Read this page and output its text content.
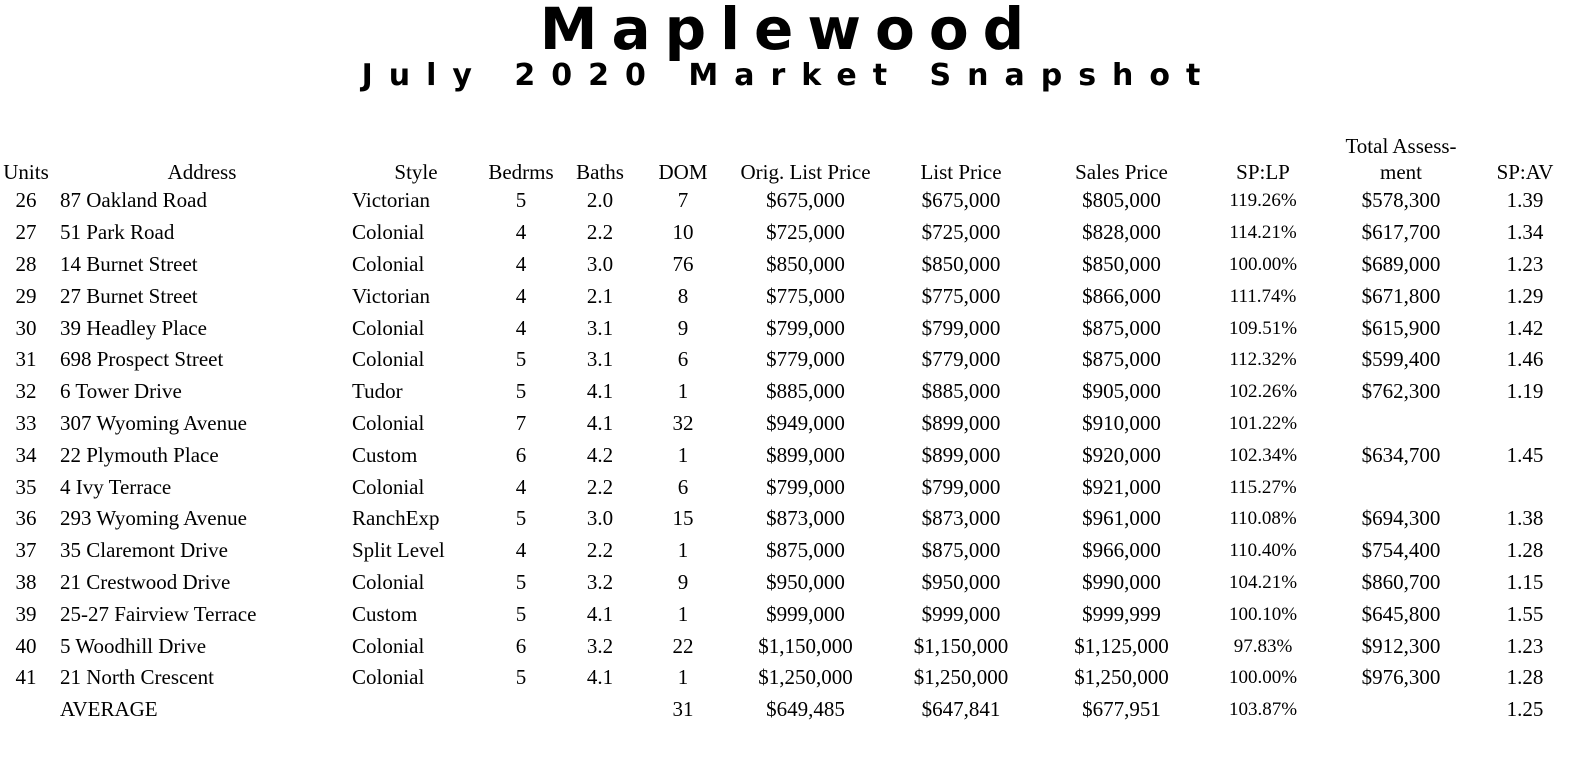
Maplewood
July 2020 Market Snapshot
Units	Address	Style	Bedrms	Baths	DOM	Orig. List Price	List Price	Sales Price	SP:LP	Total Assess- ment	SP:AV
26	87 Oakland Road	Victorian	5	2.0	7	$675,000	$675,000	$805,000	119.26%	$578,300	1.39
27	51 Park Road	Colonial	4	2.2	10	$725,000	$725,000	$828,000	114.21%	$617,700	1.34
28	14 Burnet Street	Colonial	4	3.0	76	$850,000	$850,000	$850,000	100.00%	$689,000	1.23
29	27 Burnet Street	Victorian	4	2.1	8	$775,000	$775,000	$866,000	111.74%	$671,800	1.29
30	39 Headley Place	Colonial	4	3.1	9	$799,000	$799,000	$875,000	109.51%	$615,900	1.42
31	698 Prospect Street	Colonial	5	3.1	6	$779,000	$779,000	$875,000	112.32%	$599,400	1.46
32	6 Tower Drive	Tudor	5	4.1	1	$885,000	$885,000	$905,000	102.26%	$762,300	1.19
33	307 Wyoming Avenue	Colonial	7	4.1	32	$949,000	$899,000	$910,000	101.22%		
34	22 Plymouth Place	Custom	6	4.2	1	$899,000	$899,000	$920,000	102.34%	$634,700	1.45
35	4 Ivy Terrace	Colonial	4	2.2	6	$799,000	$799,000	$921,000	115.27%		
36	293 Wyoming Avenue	RanchExp	5	3.0	15	$873,000	$873,000	$961,000	110.08%	$694,300	1.38
37	35 Claremont Drive	Split Level	4	2.2	1	$875,000	$875,000	$966,000	110.40%	$754,400	1.28
38	21 Crestwood Drive	Colonial	5	3.2	9	$950,000	$950,000	$990,000	104.21%	$860,700	1.15
39	25-27 Fairview Terrace	Custom	5	4.1	1	$999,000	$999,000	$999,999	100.10%	$645,800	1.55
40	5 Woodhill Drive	Colonial	6	3.2	22	$1,150,000	$1,150,000	$1,125,000	97.83%	$912,300	1.23
41	21 North Crescent	Colonial	5	4.1	1	$1,250,000	$1,250,000	$1,250,000	100.00%	$976,300	1.28
	AVERAGE				31	$649,485	$647,841	$677,951	103.87%		1.25
